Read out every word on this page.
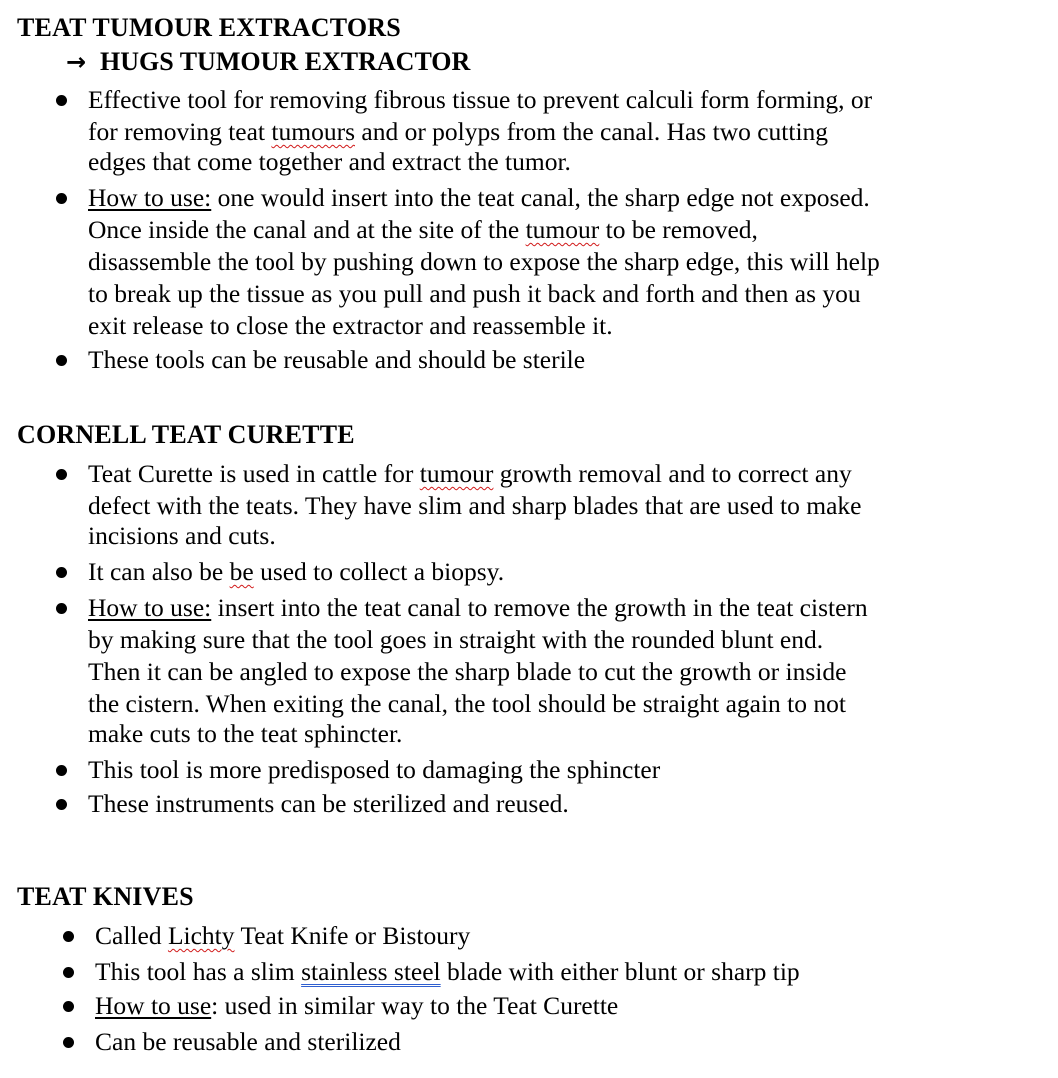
TEAT TUMOUR EXTRACTORS
→ HUGS TUMOUR EXTRACTOR
Effective tool for removing fibrous tissue to prevent calculi form forming, or
for removing teat tumours and or polyps from the canal. Has two cutting
edges that come together and extract the tumor.
How to use: one would insert into the teat canal, the sharp edge not exposed.
Once inside the canal and at the site of the tumour to be removed,
disassemble the tool by pushing down to expose the sharp edge, this will help
to break up the tissue as you pull and push it back and forth and then as you
exit release to close the extractor and reassemble it.
These tools can be reusable and should be sterile
CORNELL TEAT CURETTE
Teat Curette is used in cattle for tumour growth removal and to correct any
defect with the teats. They have slim and sharp blades that are used to make
incisions and cuts.
It can also be be used to collect a biopsy.
How to use: insert into the teat canal to remove the growth in the teat cistern
by making sure that the tool goes in straight with the rounded blunt end.
Then it can be angled to expose the sharp blade to cut the growth or inside
the cistern. When exiting the canal, the tool should be straight again to not
make cuts to the teat sphincter.
This tool is more predisposed to damaging the sphincter
These instruments can be sterilized and reused.
TEAT KNIVES
Called Lichty Teat Knife or Bistoury
This tool has a slim stainless steel blade with either blunt or sharp tip
How to use: used in similar way to the Teat Curette
Can be reusable and sterilized
